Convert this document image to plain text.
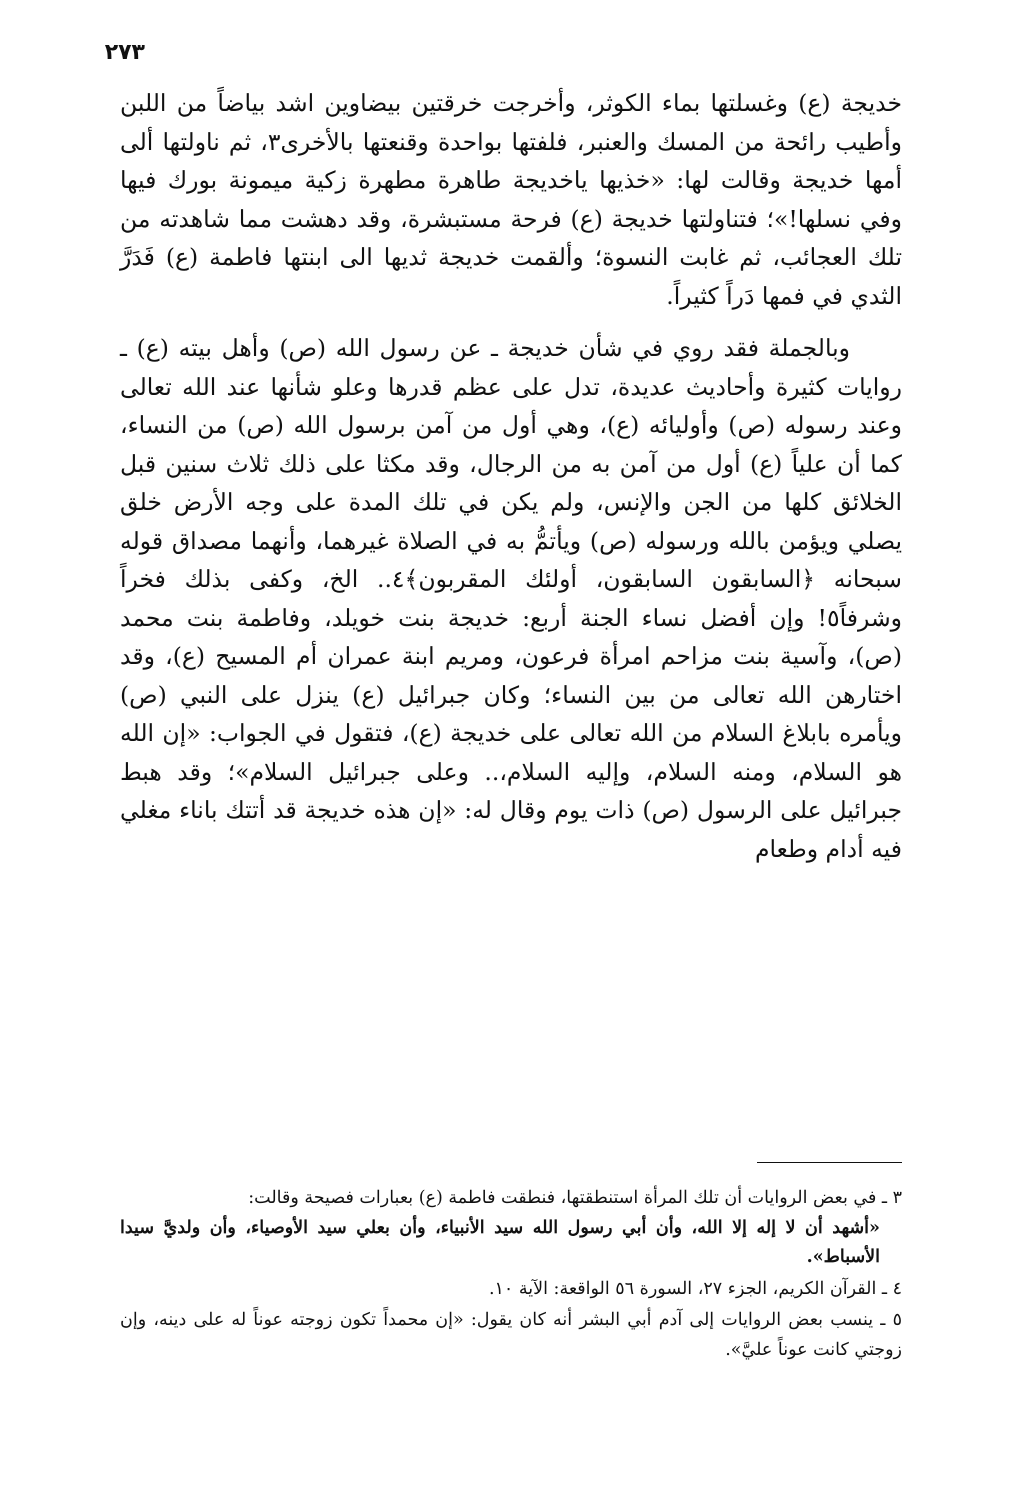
٢٧٣

خديجة (ع) وغسلتها بماء الكوثر، وأخرجت خرقتين بيضاوين اشد بياضاً من اللبن وأطيب رائحة من المسك والعنبر، فلفتها بواحدة وقنعتها بالأخرى٣، ثم ناولتها ألى أمها خديجة وقالت لها: «خذيها ياخديجة طاهرة مطهرة زكية ميمونة بورك فيها وفي نسلها!»؛ فتناولتها خديجة (ع) فرحة مستبشرة، وقد دهشت مما شاهدته من تلك العجائب، ثم غابت النسوة؛ وألقمت خديجة ثديها الى ابنتها فاطمة (ع) فَدَرَّ الثدي في فمها دَراً كثيراً.

وبالجملة فقد روي في شأن خديجة ـ عن رسول الله (ص) وأهل بيته (ع) ـ روايات كثيرة وأحاديث عديدة، تدل على عظم قدرها وعلو شأنها عند الله تعالى وعند رسوله (ص) وأوليائه (ع)، وهي أول من آمن برسول الله (ص) من النساء، كما أن علياً (ع) أول من آمن به من الرجال، وقد مكثا على ذلك ثلاث سنين قبل الخلائق كلها من الجن والإنس، ولم يكن في تلك المدة على وجه الأرض خلق يصلي ويؤمن بالله ورسوله (ص) ويأتمُّ به في الصلاة غيرهما، وأنهما مصداق قوله سبحانه ﴿السابقون السابقون، أولئك المقربون﴾٤.. الخ، وكفى بذلك فخراً وشرفاً٥! وإن أفضل نساء الجنة أربع: خديجة بنت خويلد، وفاطمة بنت محمد (ص)، وآسية بنت مزاحم امرأة فرعون، ومريم ابنة عمران أم المسيح (ع)، وقد اختارهن الله تعالى من بين النساء؛ وكان جبرائيل (ع) ينزل على النبي (ص) ويأمره بابلاغ السلام من الله تعالى على خديجة (ع)، فتقول في الجواب: «إن الله هو السلام، ومنه السلام، وإليه السلام،.. وعلى جبرائيل السلام»؛ وقد هبط جبرائيل على الرسول (ص) ذات يوم وقال له: «إن هذه خديجة قد أتتك باناء مغلي فيه أدام وطعام

٣ ـ في بعض الروايات أن تلك المرأة استنطقتها، فنطقت فاطمة (ع) بعبارات فصيحة وقالت:
«أشهد أن لا إله إلا الله، وأن أبي رسول الله سيد الأنبياء، وأن بعلي سيد الأوصياء، وأن ولديَّ سيدا الأسباط».
٤ ـ القرآن الكريم، الجزء ٢٧، السورة ٥٦ الواقعة: الآية ١٠.
٥ ـ ينسب بعض الروايات إلى آدم أبي البشر أنه كان يقول: «إن محمداً تكون زوجته عوناً له على دينه، وإن زوجتي كانت عوناً عليَّ».
